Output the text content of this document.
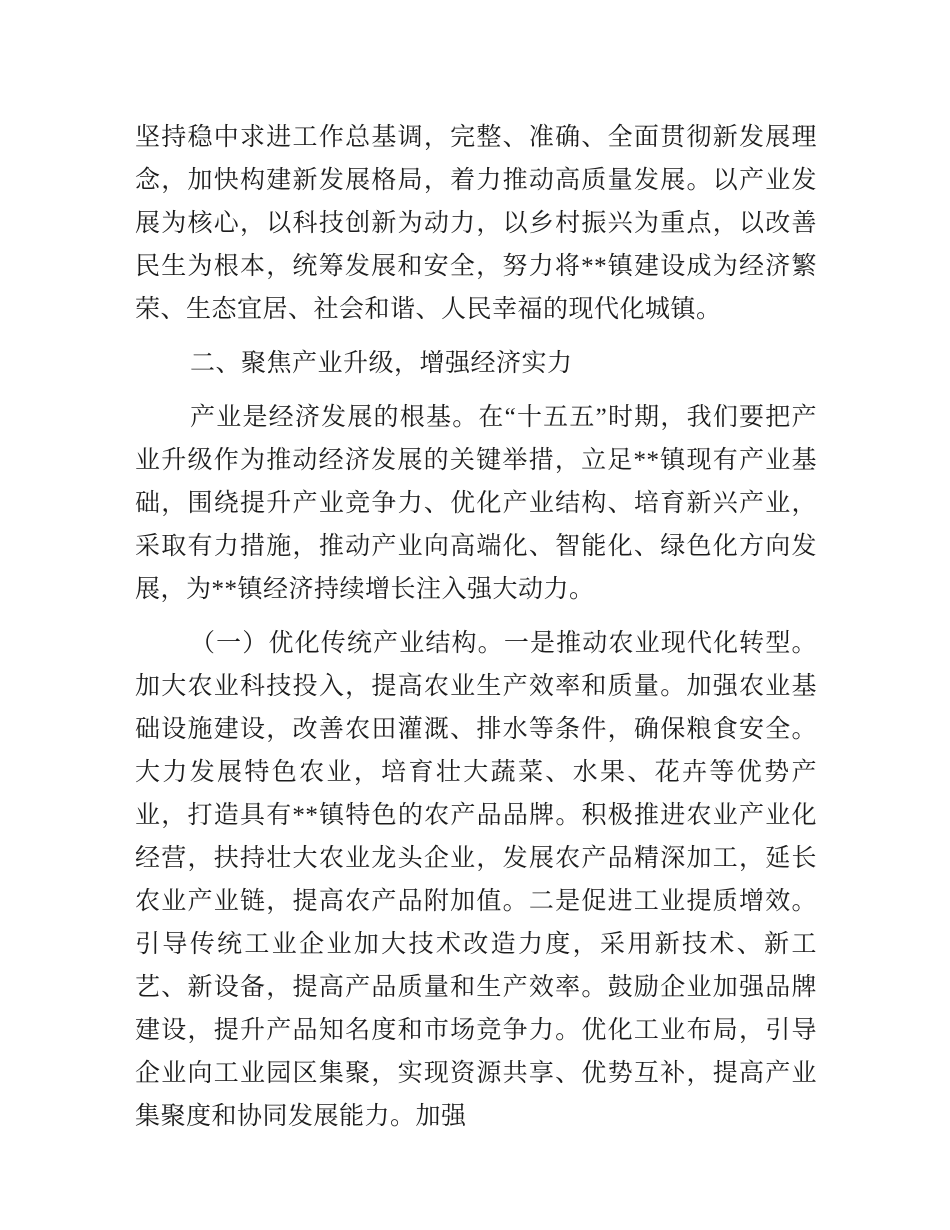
坚持稳中求进工作总基调，完整、准确、全面贯彻新发展理念，加快构建新发展格局，着力推动高质量发展。以产业发展为核心，以科技创新为动力，以乡村振兴为重点，以改善民生为根本，统筹发展和安全，努力将**镇建设成为经济繁荣、生态宜居、社会和谐、人民幸福的现代化城镇。

二、聚焦产业升级，增强经济实力

产业是经济发展的根基。在“十五五”时期，我们要把产业升级作为推动经济发展的关键举措，立足**镇现有产业基础，围绕提升产业竞争力、优化产业结构、培育新兴产业，采取有力措施，推动产业向高端化、智能化、绿色化方向发展，为**镇经济持续增长注入强大动力。

（一）优化传统产业结构。一是推动农业现代化转型。加大农业科技投入，提高农业生产效率和质量。加强农业基础设施建设，改善农田灌溉、排水等条件，确保粮食安全。大力发展特色农业，培育壮大蔬菜、水果、花卉等优势产业，打造具有**镇特色的农产品品牌。积极推进农业产业化经营，扶持壮大农业龙头企业，发展农产品精深加工，延长农业产业链，提高农产品附加值。二是促进工业提质增效。引导传统工业企业加大技术改造力度，采用新技术、新工艺、新设备，提高产品质量和生产效率。鼓励企业加强品牌建设，提升产品知名度和市场竞争力。优化工业布局，引导企业向工业园区集聚，实现资源共享、优势互补，提高产业集聚度和协同发展能力。加强
